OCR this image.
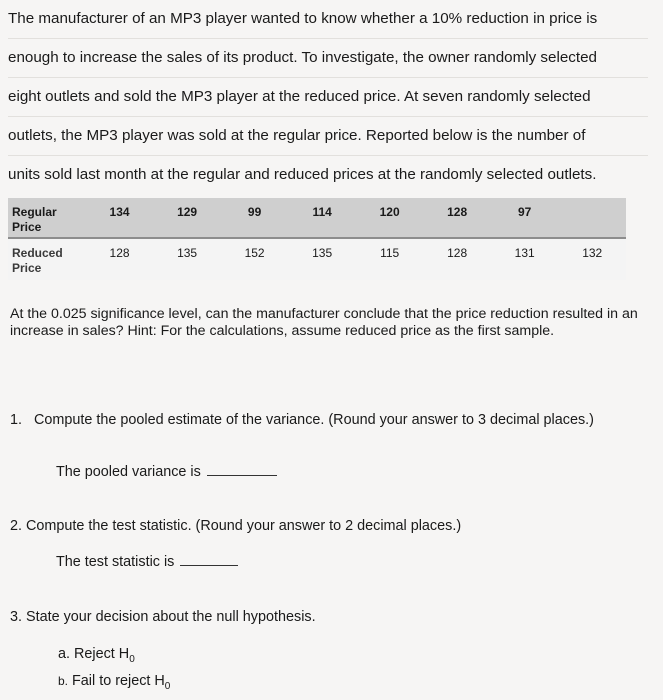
The manufacturer of an MP3 player wanted to know whether a 10% reduction in price is
enough to increase the sales of its product. To investigate, the owner randomly selected
eight outlets and sold the MP3 player at the reduced price. At seven randomly selected
outlets, the MP3 player was sold at the regular price. Reported below is the number of
units sold last month at the regular and reduced prices at the randomly selected outlets.
Regular
Price	134	129	99	114	120	128	97	
Reduced
Price	128	135	152	135	115	128	131	132
At the 0.025 significance level, can the manufacturer conclude that the price reduction resulted in an increase in sales? Hint: For the calculations, assume reduced price as the first sample.
1. Compute the pooled estimate of the variance. (Round your answer to 3 decimal places.)
The pooled variance is
2. Compute the test statistic. (Round your answer to 2 decimal places.)
The test statistic is
3. State your decision about the null hypothesis.
a. Reject $H_0$
b. Fail to reject $H_0$
